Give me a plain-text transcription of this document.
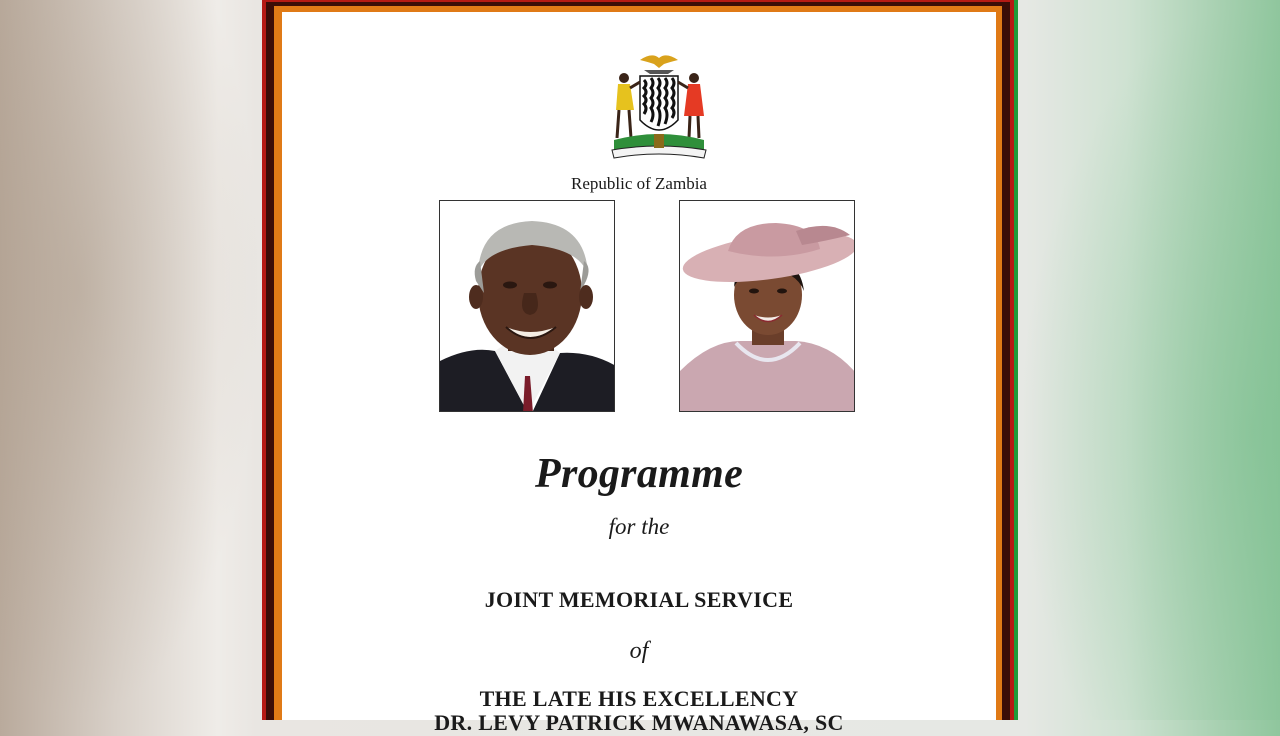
Republic of Zambia
Programme
for the
JOINT MEMORIAL SERVICE
of
THE LATE HIS EXCELLENCY
DR. LEVY PATRICK MWANAWASA, SC
